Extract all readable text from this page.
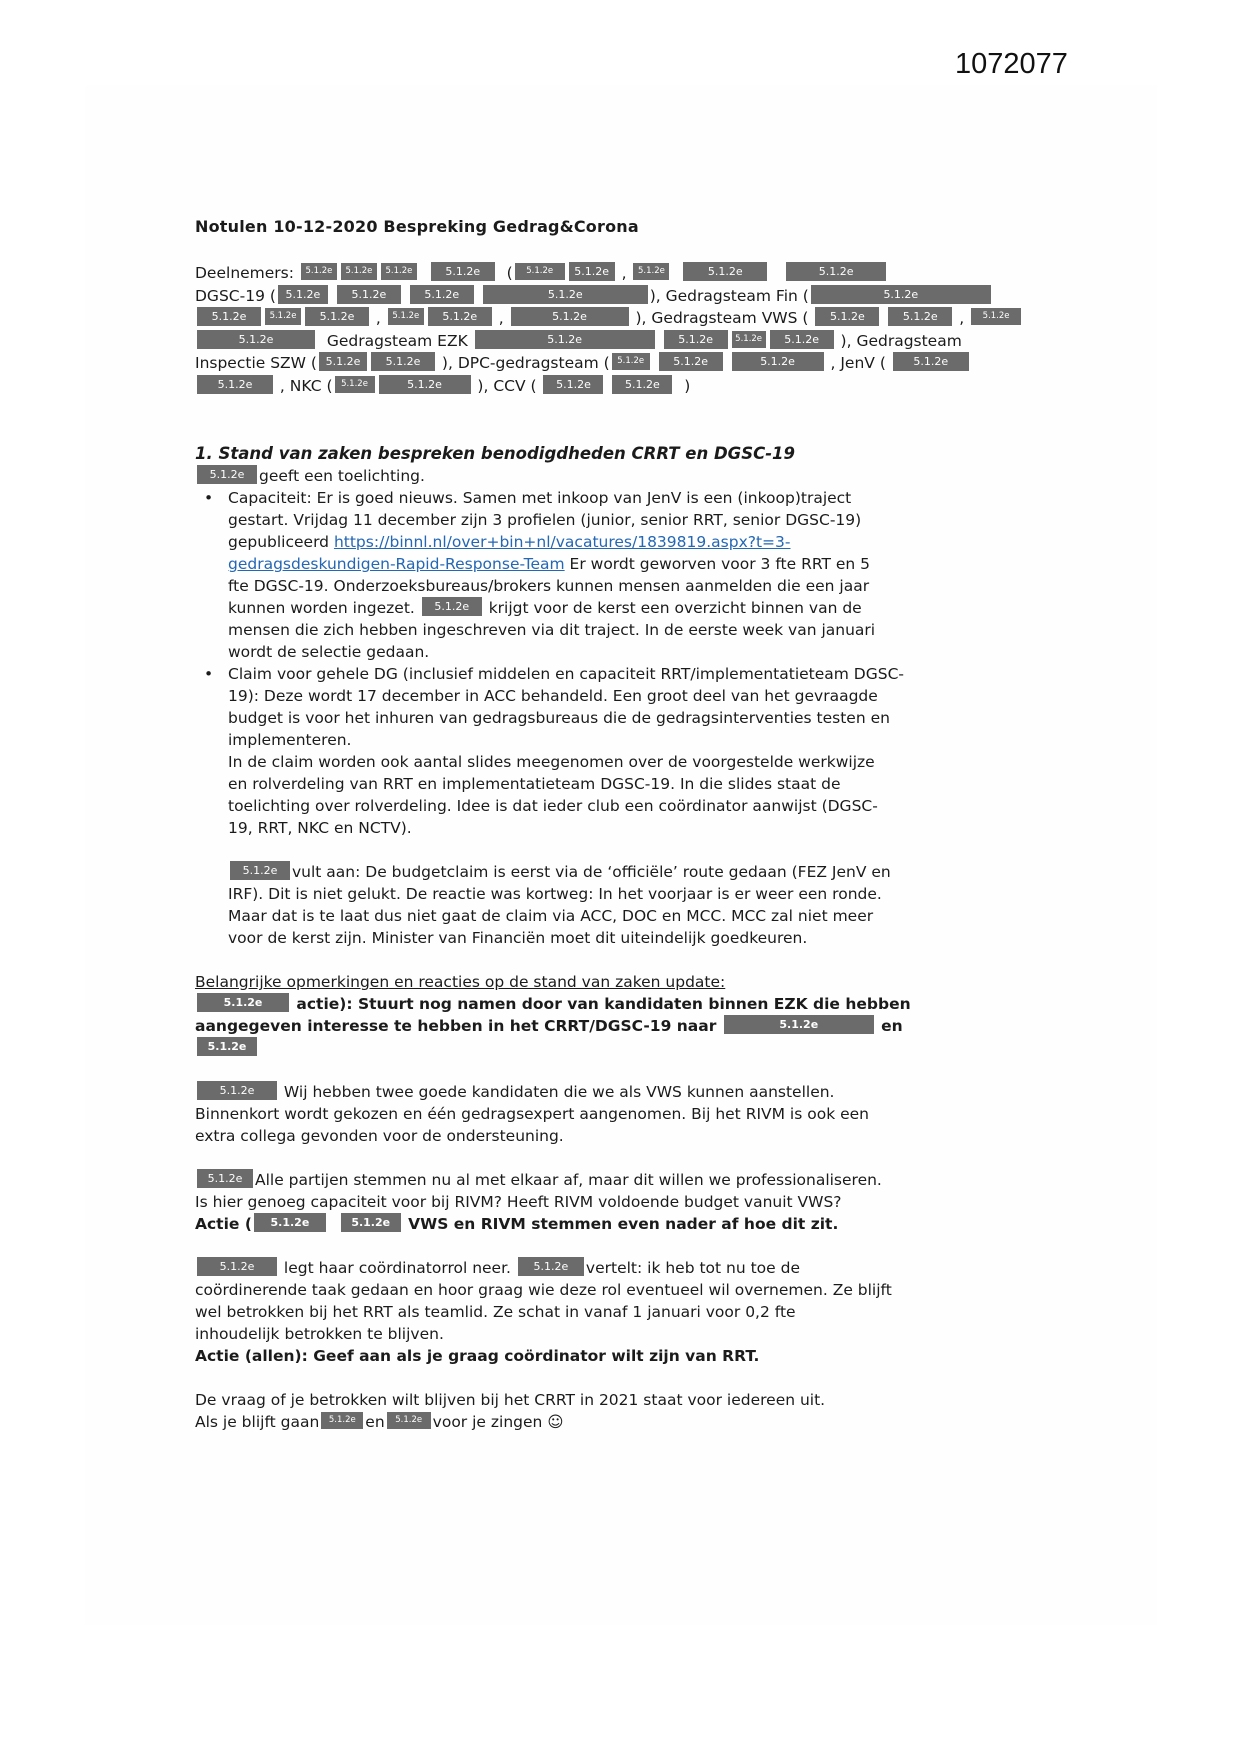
1072077
Notulen 10-12-2020 Bespreking Gedrag&Corona
Deelnemers: 5.1.2e 5.1.2e 5.1.2e	5.1.2e  ( 5.1.2e 5.1.2e , 5.1.2e	5.1.2e	5.1.2e
DGSC-19 ( 5.1.2e	5.1.2e	5.1.2e	5.1.2e	), Gedragsteam Fin (	5.1.2e
5.1.2e	5.1.2e 5.1.2e , 5.1.2e 5.1.2e ,	5.1.2e	), Gedragsteam VWS ( 5.1.2e	5.1.2e , 5.1.2e
5.1.2e	Gedragsteam EZK	5.1.2e	5.1.2e	5.1.2e 5.1.2e ), Gedragsteam
Inspectie SZW ( 5.1.2e 5.1.2e ), DPC-gedragsteam ( 5.1.2e	5.1.2e	5.1.2e , JenV ( 5.1.2e
5.1.2e , NKC ( 5.1.2e	5.1.2e ), CCV ( 5.1.2e	5.1.2e  )
1. Stand van zaken bespreken benodigdheden CRRT en DGSC-19
5.1.2e geeft een toelichting.
• Capaciteit: Er is goed nieuws. Samen met inkoop van JenV is een (inkoop)traject
gestart. Vrijdag 11 december zijn 3 profielen (junior, senior RRT, senior DGSC-19)
gepubliceerd https://binnl.nl/over+bin+nl/vacatures/1839819.aspx?t=3-
gedragsdeskundigen-Rapid-Response-Team Er wordt geworven voor 3 fte RRT en 5
fte DGSC-19. Onderzoeksbureaus/brokers kunnen mensen aanmelden die een jaar
kunnen worden ingezet. 5.1.2e krijgt voor de kerst een overzicht binnen van de
mensen die zich hebben ingeschreven via dit traject. In de eerste week van januari
wordt de selectie gedaan.
• Claim voor gehele DG (inclusief middelen en capaciteit RRT/implementatieteam DGSC-
19): Deze wordt 17 december in ACC behandeld. Een groot deel van het gevraagde
budget is voor het inhuren van gedragsbureaus die de gedragsinterventies testen en
implementeren.
In de claim worden ook aantal slides meegenomen over de voorgestelde werkwijze
en rolverdeling van RRT en implementatieteam DGSC-19. In die slides staat de
toelichting over rolverdeling. Idee is dat ieder club een coördinator aanwijst (DGSC-
19, RRT, NKC en NCTV).
5.1.2e vult aan: De budgetclaim is eerst via de ‘officiële’ route gedaan (FEZ JenV en
IRF). Dit is niet gelukt. De reactie was kortweg: In het voorjaar is er weer een ronde.
Maar dat is te laat dus niet gaat de claim via ACC, DOC en MCC. MCC zal niet meer
voor de kerst zijn. Minister van Financiën moet dit uiteindelijk goedkeuren.
Belangrijke opmerkingen en reacties op de stand van zaken update:
5.1.2e actie): Stuurt nog namen door van kandidaten binnen EZK die hebben
aangegeven interesse te hebben in het CRRT/DGSC-19 naar	5.1.2e	en
5.1.2e
5.1.2e Wij hebben twee goede kandidaten die we als VWS kunnen aanstellen.
Binnenkort wordt gekozen en één gedragsexpert aangenomen. Bij het RIVM is ook een
extra collega gevonden voor de ondersteuning.
5.1.2e Alle partijen stemmen nu al met elkaar af, maar dit willen we professionaliseren.
Is hier genoeg capaciteit voor bij RIVM? Heeft RIVM voldoende budget vanuit VWS?
Actie ( 5.1.2e	5.1.2e VWS en RIVM stemmen even nader af hoe dit zit.
5.1.2e legt haar coördinatorrol neer. 5.1.2e vertelt: ik heb tot nu toe de
coördinerende taak gedaan en hoor graag wie deze rol eventueel wil overnemen. Ze blijft
wel betrokken bij het RRT als teamlid. Ze schat in vanaf 1 januari voor 0,2 fte
inhoudelijk betrokken te blijven.
Actie (allen): Geef aan als je graag coördinator wilt zijn van RRT.
De vraag of je betrokken wilt blijven bij het CRRT in 2021 staat voor iedereen uit.
Als je blijft gaan 5.1.2e en 5.1.2e voor je zingen ☺
